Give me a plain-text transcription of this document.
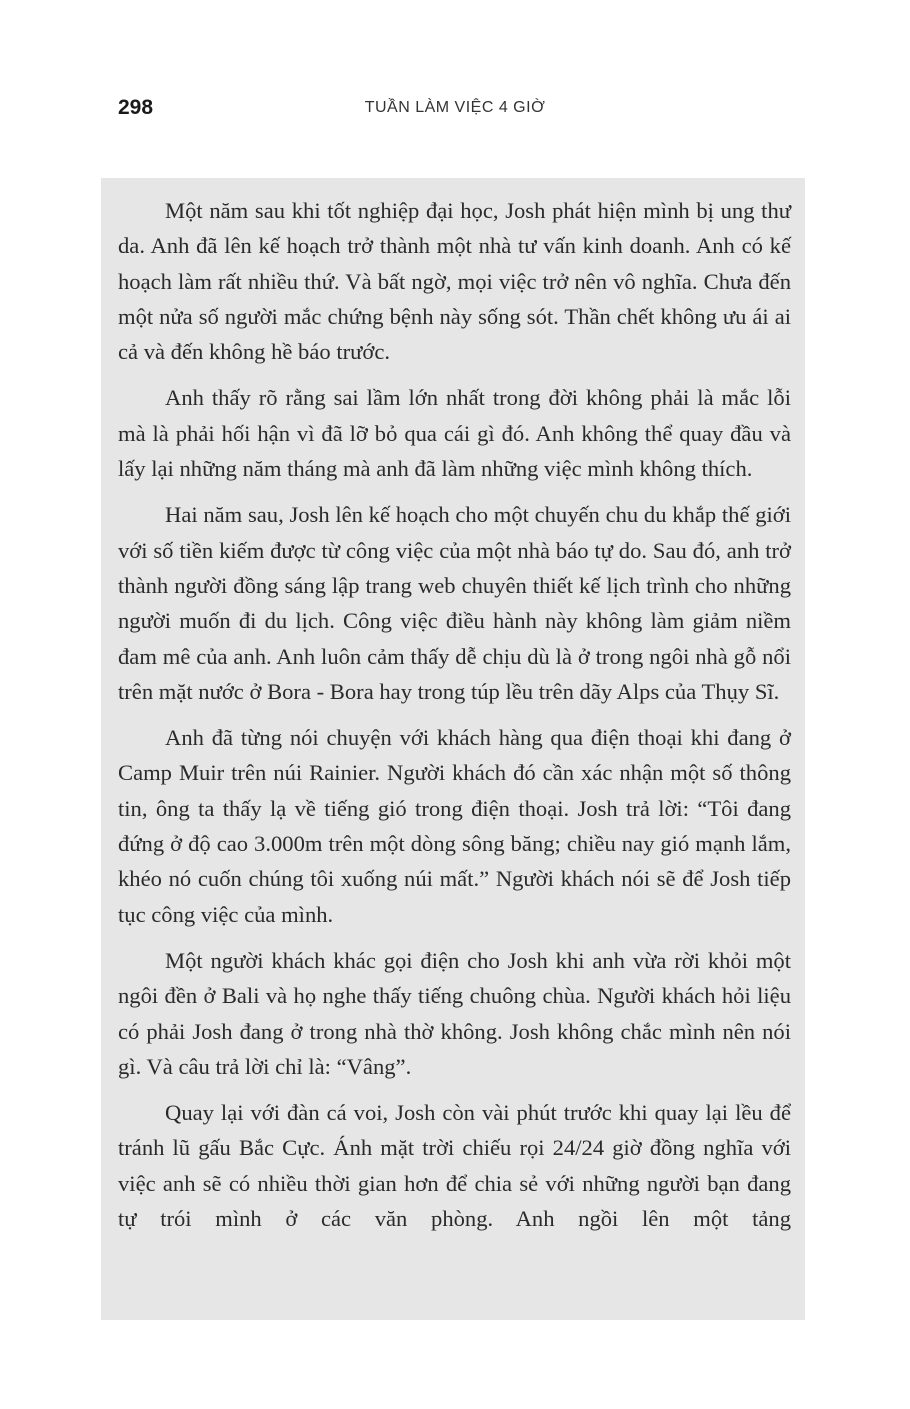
298	TUẦN LÀM VIỆC 4 GIỜ

Một năm sau khi tốt nghiệp đại học, Josh phát hiện mình bị ung thư da. Anh đã lên kế hoạch trở thành một nhà tư vấn kinh doanh. Anh có kế hoạch làm rất nhiều thứ. Và bất ngờ, mọi việc trở nên vô nghĩa. Chưa đến một nửa số người mắc chứng bệnh này sống sót. Thần chết không ưu ái ai cả và đến không hề báo trước.

Anh thấy rõ rằng sai lầm lớn nhất trong đời không phải là mắc lỗi mà là phải hối hận vì đã lỡ bỏ qua cái gì đó. Anh không thể quay đầu và lấy lại những năm tháng mà anh đã làm những việc mình không thích.

Hai năm sau, Josh lên kế hoạch cho một chuyến chu du khắp thế giới với số tiền kiếm được từ công việc của một nhà báo tự do. Sau đó, anh trở thành người đồng sáng lập trang web chuyên thiết kế lịch trình cho những người muốn đi du lịch. Công việc điều hành này không làm giảm niềm đam mê của anh. Anh luôn cảm thấy dễ chịu dù là ở trong ngôi nhà gỗ nổi trên mặt nước ở Bora - Bora hay trong túp lều trên dãy Alps của Thụy Sĩ.

Anh đã từng nói chuyện với khách hàng qua điện thoại khi đang ở Camp Muir trên núi Rainier. Người khách đó cần xác nhận một số thông tin, ông ta thấy lạ về tiếng gió trong điện thoại. Josh trả lời: “Tôi đang đứng ở độ cao 3.000m trên một dòng sông băng; chiều nay gió mạnh lắm, khéo nó cuốn chúng tôi xuống núi mất.” Người khách nói sẽ để Josh tiếp tục công việc của mình.

Một người khách khác gọi điện cho Josh khi anh vừa rời khỏi một ngôi đền ở Bali và họ nghe thấy tiếng chuông chùa. Người khách hỏi liệu có phải Josh đang ở trong nhà thờ không. Josh không chắc mình nên nói gì. Và câu trả lời chỉ là: “Vâng”.

Quay lại với đàn cá voi, Josh còn vài phút trước khi quay lại lều để tránh lũ gấu Bắc Cực. Ánh mặt trời chiếu rọi 24/24 giờ đồng nghĩa với việc anh sẽ có nhiều thời gian hơn để chia sẻ với những người bạn đang tự trói mình ở các văn phòng. Anh ngồi lên một tảng
